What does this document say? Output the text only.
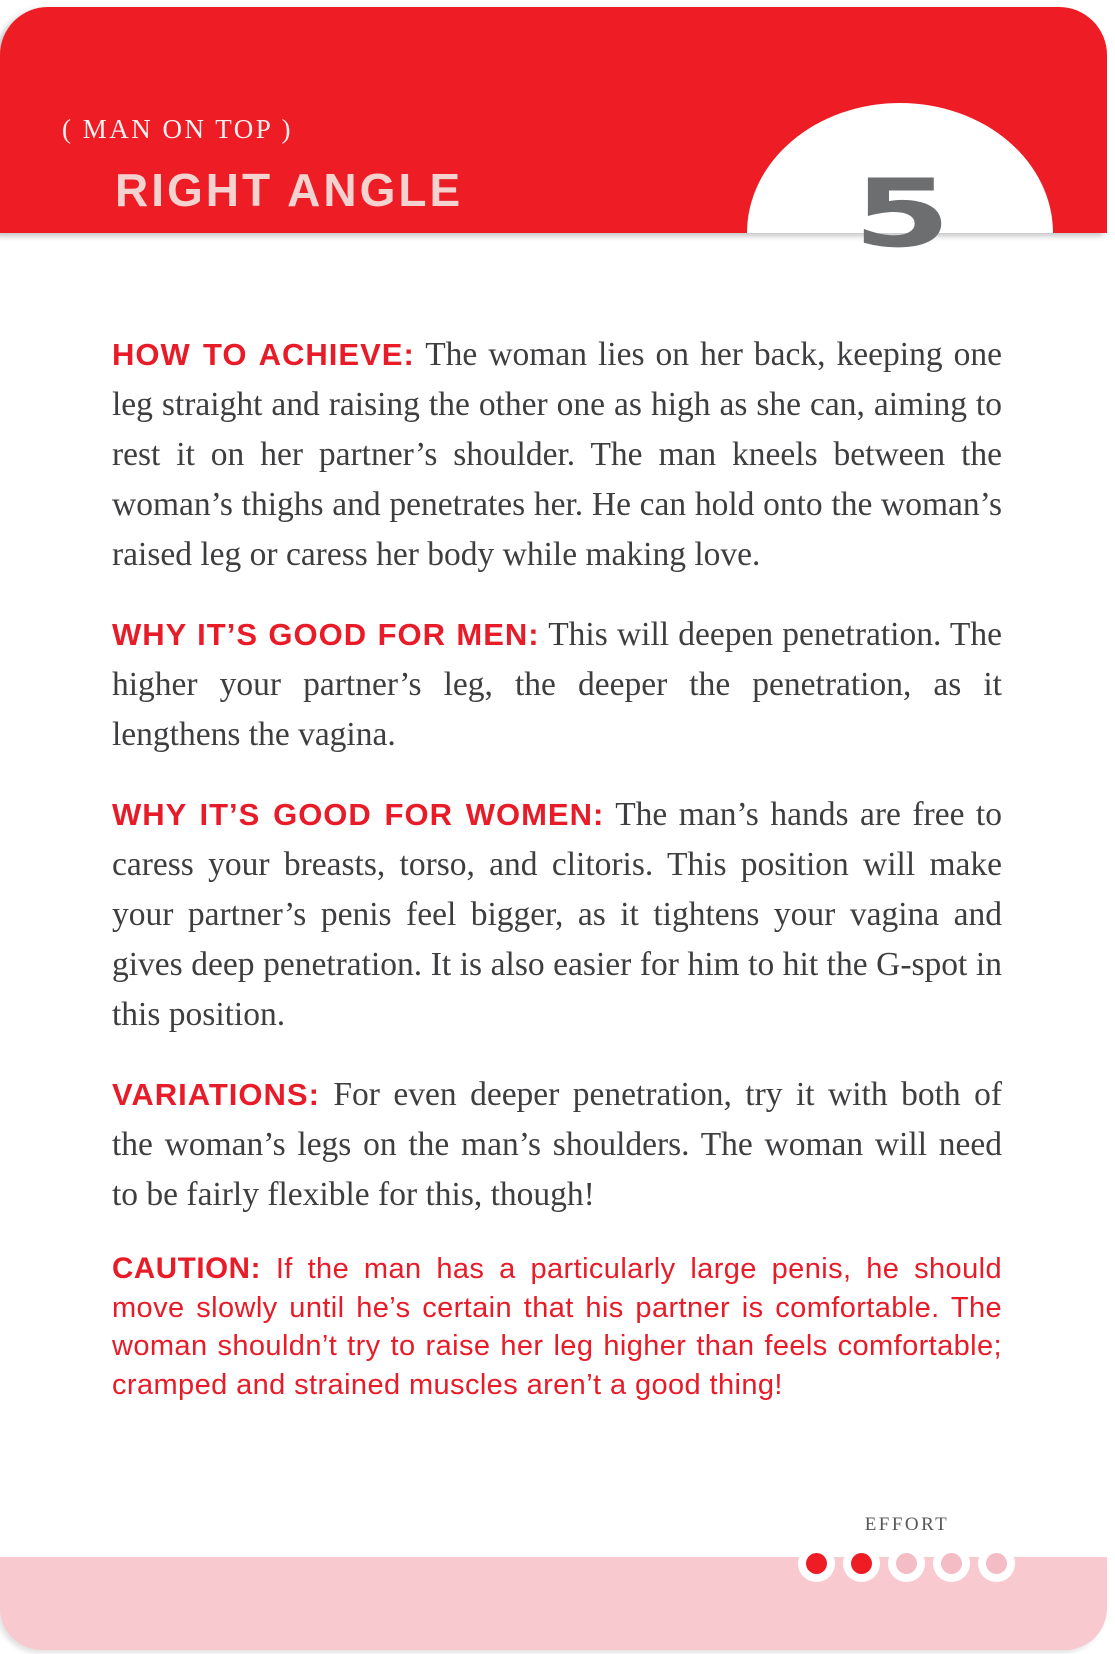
( MAN ON TOP )
RIGHT ANGLE	5

HOW TO ACHIEVE: The woman lies on her back, keeping one leg straight and raising the other one as high as she can, aiming to rest it on her partner’s shoulder. The man kneels between the woman’s thighs and penetrates her. He can hold onto the woman’s raised leg or caress her body while making love.

WHY IT’S GOOD FOR MEN: This will deepen penetration. The higher your partner’s leg, the deeper the penetration, as it lengthens the vagina.

WHY IT’S GOOD FOR WOMEN: The man’s hands are free to caress your breasts, torso, and clitoris. This position will make your partner’s penis feel bigger, as it tightens your vagina and gives deep penetration. It is also easier for him to hit the G-spot in this position.

VARIATIONS: For even deeper penetration, try it with both of the woman’s legs on the man’s shoulders. The woman will need to be fairly flexible for this, though!

CAUTION: If the man has a particularly large penis, he should move slowly until he’s certain that his partner is comfortable. The woman shouldn’t try to raise her leg higher than feels comfortable; cramped and strained muscles aren’t a good thing!

EFFORT
